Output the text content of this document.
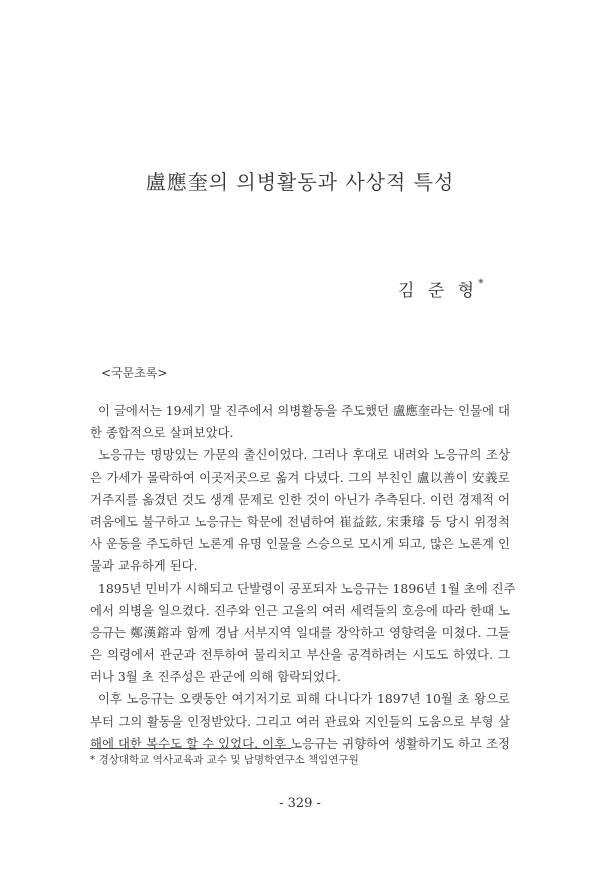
盧應奎의 의병활동과 사상적 특성
김 준 형*
<국문초록>
이 글에서는 19세기 말 진주에서 의병활동을 주도했던 盧應奎라는 인물에 대
한 종합적으로 살펴보았다.
노응규는 명망있는 가문의 출신이었다. 그러나 후대로 내려와 노응규의 조상
은 가세가 몰락하여 이곳저곳으로 옮겨 다녔다. 그의 부친인 盧以善이 安義로
거주지를 옮겼던 것도 생계 문제로 인한 것이 아닌가 추측된다. 이런 경제적 어
려움에도 불구하고 노응규는 학문에 전념하여 崔益鉉, 宋秉璿 등 당시 위정척
사 운동을 주도하던 노론계 유명 인물을 스승으로 모시게 되고, 많은 노론계 인
물과 교유하게 된다.
1895년 민비가 시해되고 단발령이 공포되자 노응규는 1896년 1월 초에 진주
에서 의병을 일으켰다. 진주와 인근 고을의 여러 세력들의 호응에 따라 한때 노
응규는 鄭漢鎔과 함께 경남 서부지역 일대를 장악하고 영향력을 미쳤다. 그들
은 의령에서 관군과 전투하여 물리치고 부산을 공격하려는 시도도 하였다. 그
러나 3월 초 진주성은 관군에 의해 함락되었다.
이후 노응규는 오랫동안 여기저기로 피해 다니다가 1897년 10월 초 왕으로
부터 그의 활동을 인정받았다. 그리고 여러 관료와 지인들의 도움으로 부형 살
해에 대한 복수도 할 수 있었다. 이후 노응규는 귀향하여 생활하기도 하고 조정
* 경상대학교 역사교육과 교수 및 남명학연구소 책임연구원
- 329 -
